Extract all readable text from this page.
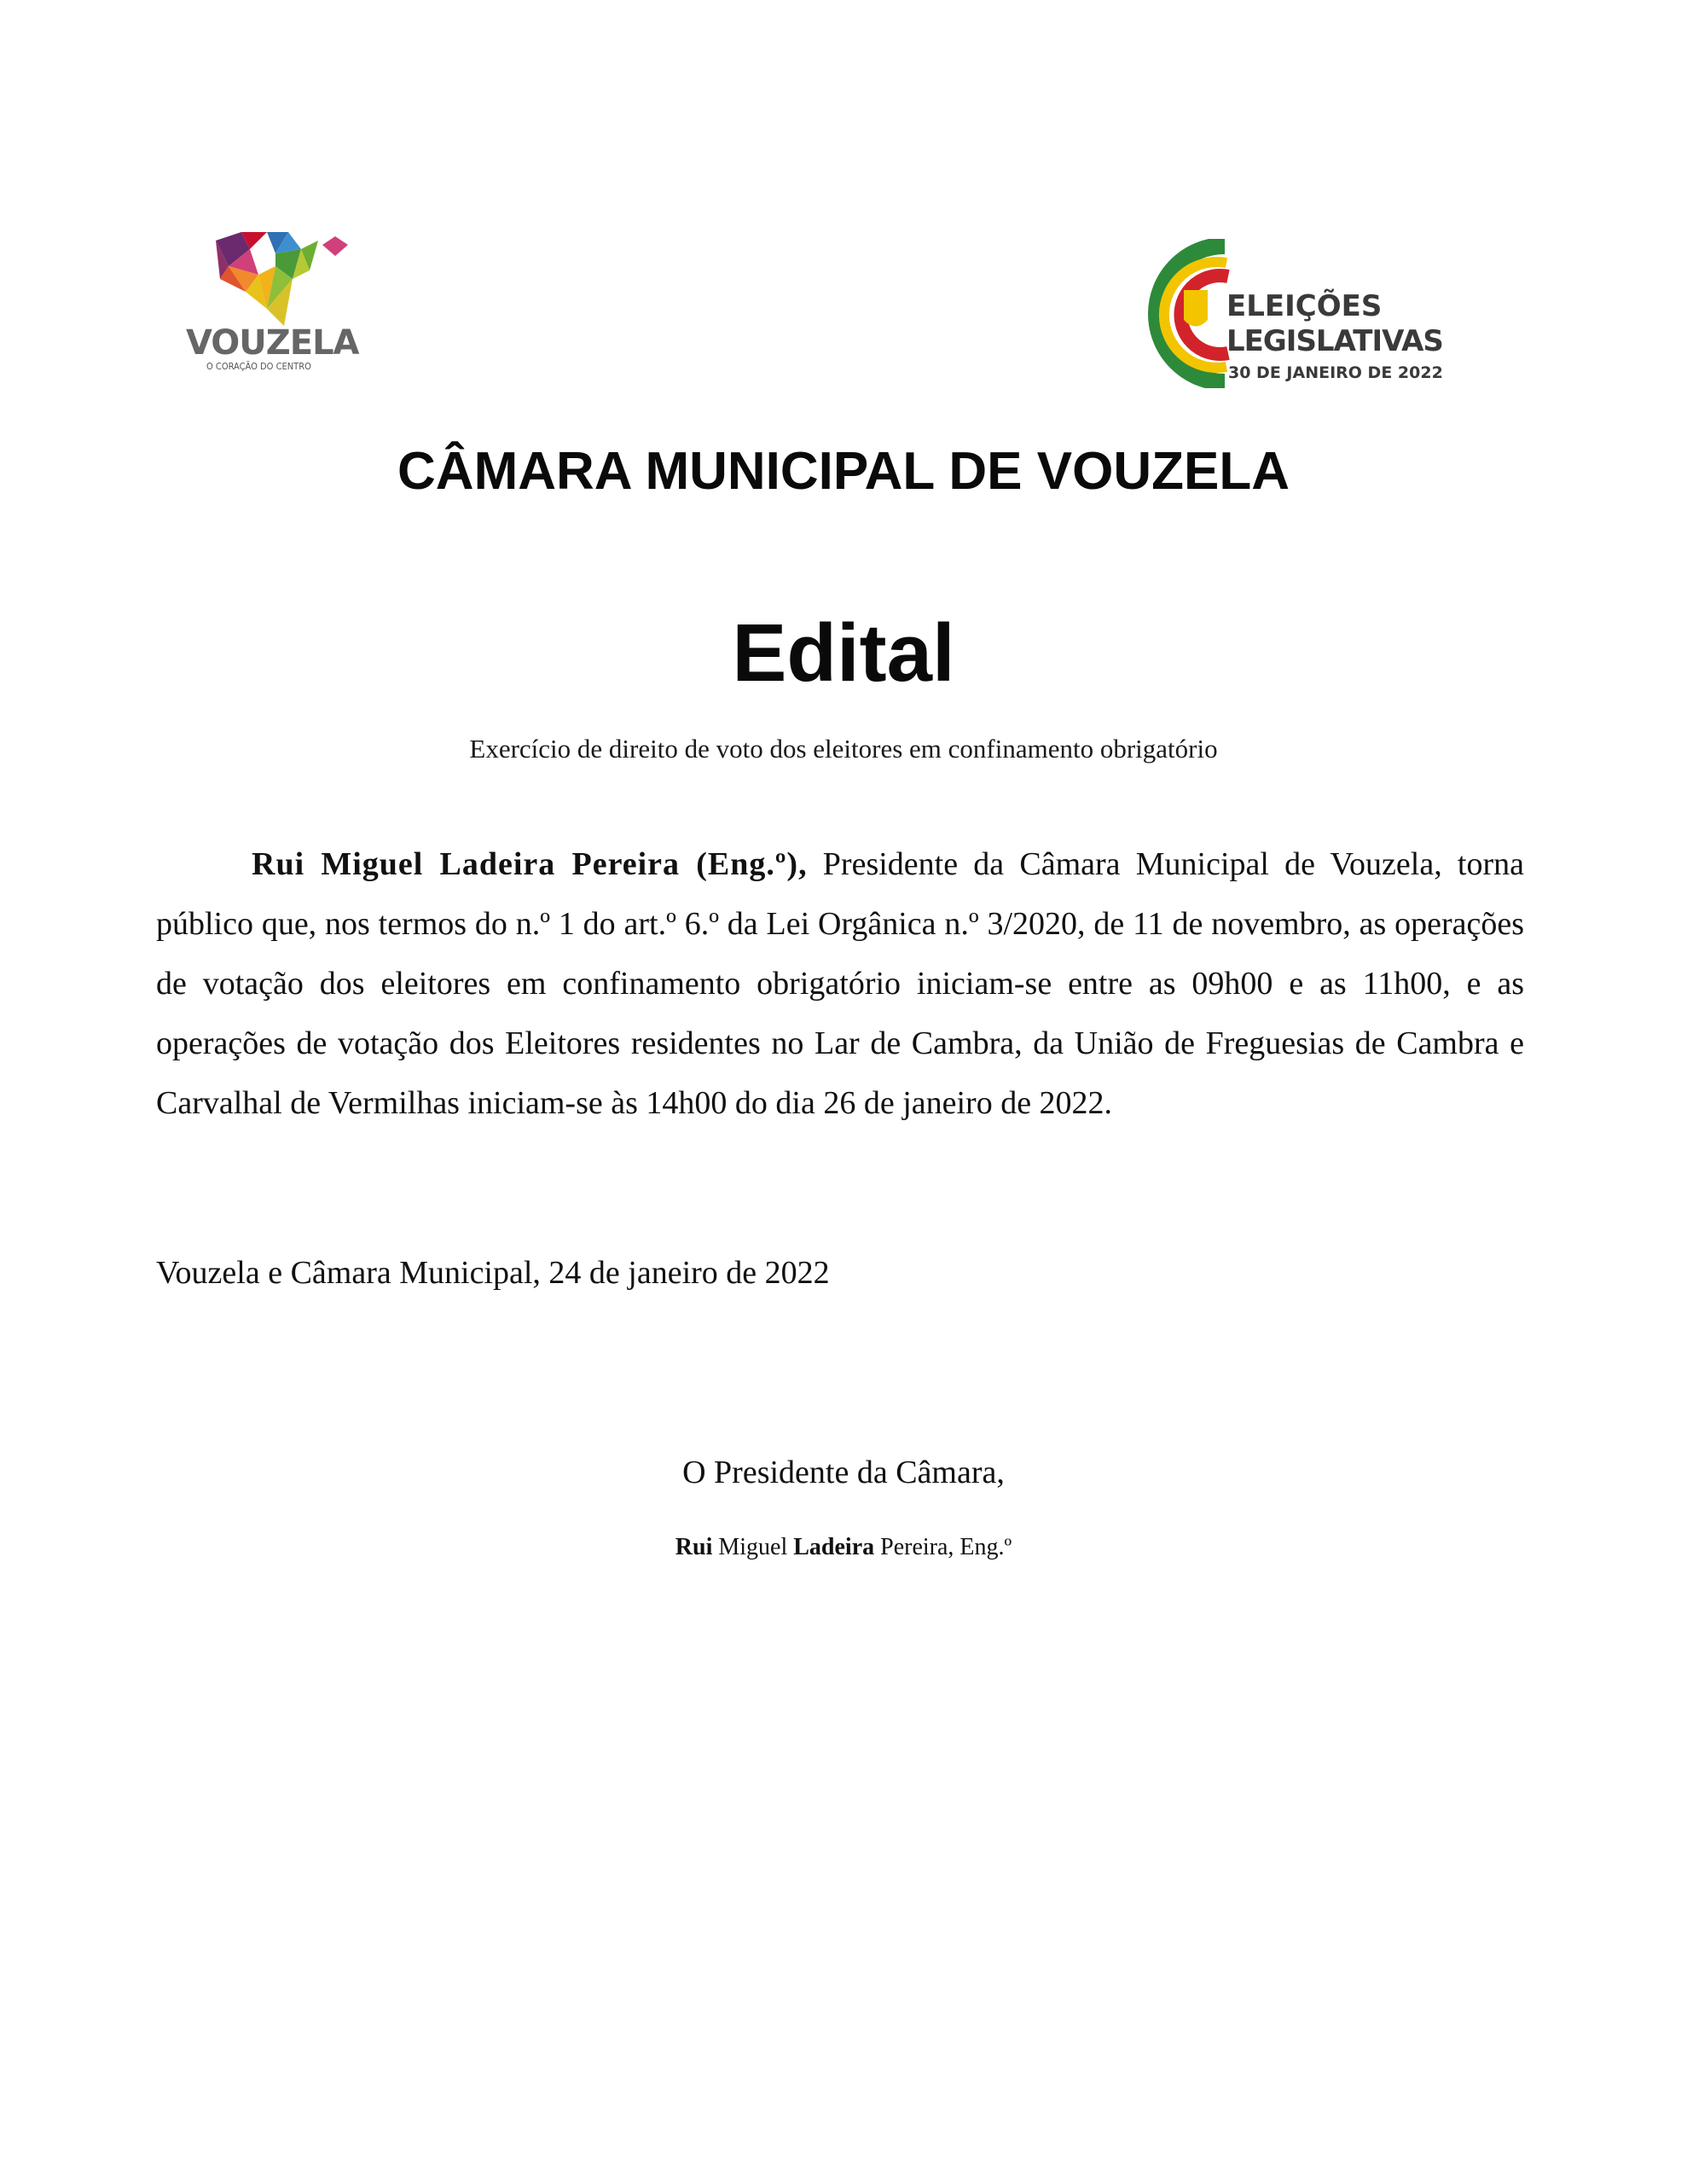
VOUZELA
O CORAÇÃO DO CENTRO
ELEIÇÕES
LEGISLATIVAS
30 DE JANEIRO DE 2022
CÂMARA MUNICIPAL DE VOUZELA
Edital
Exercício de direito de voto dos eleitores em confinamento obrigatório

Rui Miguel Ladeira Pereira (Eng.º), Presidente da Câmara Municipal de Vouzela, torna público que, nos termos do n.º 1 do art.º 6.º da Lei Orgânica n.º 3/2020, de 11 de novembro, as operações de votação dos eleitores em confinamento obrigatório iniciam-se entre as 09h00 e as 11h00, e as operações de votação dos Eleitores residentes no Lar de Cambra, da União de Freguesias de Cambra e Carvalhal de Vermilhas iniciam-se às 14h00 do dia 26 de janeiro de 2022.

Vouzela e Câmara Municipal, 24 de janeiro de 2022
O Presidente da Câmara,
Rui Miguel Ladeira Pereira, Eng.º
